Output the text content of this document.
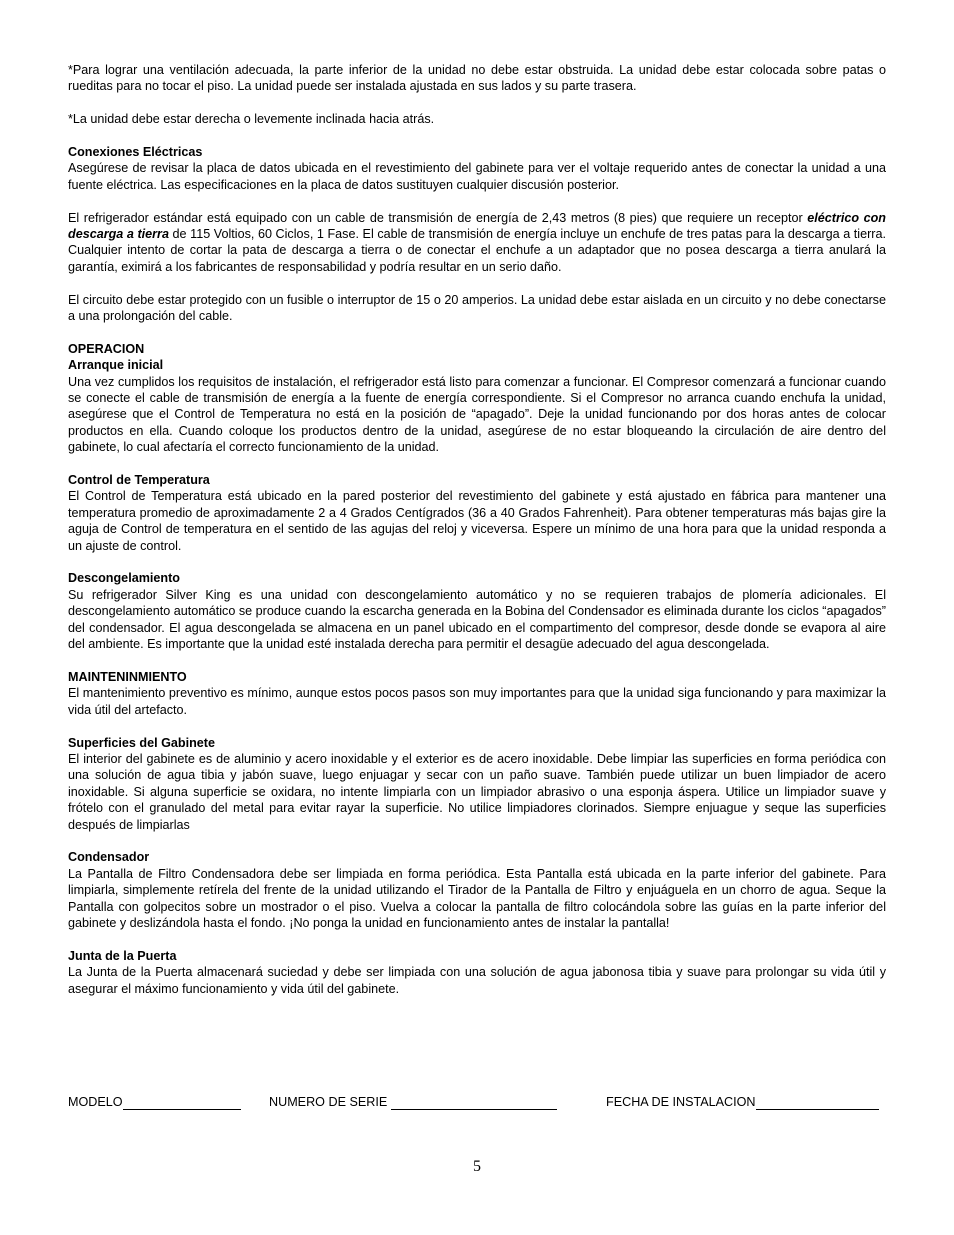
*Para lograr una ventilación adecuada, la parte inferior de la unidad no debe estar obstruida. La unidad debe estar colocada sobre patas o rueditas para no tocar el piso. La unidad puede ser instalada ajustada en sus lados y su parte trasera.

*La unidad debe estar derecha o levemente inclinada hacia atrás.

Conexiones Eléctricas

Asegúrese de revisar la placa de datos ubicada en el revestimiento del gabinete para ver el voltaje requerido antes de conectar la unidad a una fuente eléctrica. Las especificaciones en la placa de datos sustituyen cualquier discusión posterior.

El refrigerador estándar está equipado con un cable de transmisión de energía de 2,43 metros (8 pies) que requiere un receptor eléctrico con descarga a tierra de 115 Voltios, 60 Ciclos, 1 Fase. El cable de transmisión de energía incluye un enchufe de tres patas para la descarga a tierra. Cualquier intento de cortar la pata de descarga a tierra o de conectar el enchufe a un adaptador que no posea descarga a tierra anulará la garantía, eximirá a los fabricantes de responsabilidad y podría resultar en un serio daño.

El circuito debe estar protegido con un fusible o interruptor de 15 o 20 amperios. La unidad debe estar aislada en un circuito y no debe conectarse a una prolongación del cable.

OPERACION

Arranque inicial

Una vez cumplidos los requisitos de instalación, el refrigerador está listo para comenzar a funcionar. El Compresor comenzará a funcionar cuando se conecte el cable de transmisión de energía a la fuente de energía correspondiente. Si el Compresor no arranca cuando enchufa la unidad, asegúrese que el Control de Temperatura no está en la posición de “apagado”. Deje la unidad funcionando por dos horas antes de colocar productos en ella. Cuando coloque los productos dentro de la unidad, asegúrese de no estar bloqueando la circulación de aire dentro del gabinete, lo cual afectaría el correcto funcionamiento de la unidad.

Control de Temperatura

El Control de Temperatura está ubicado en la pared posterior del revestimiento del gabinete y está ajustado en fábrica para mantener una temperatura promedio de aproximadamente 2 a 4 Grados Centígrados (36 a 40 Grados Fahrenheit). Para obtener temperaturas más bajas gire la aguja de Control de temperatura en el sentido de las agujas del reloj y viceversa. Espere un mínimo de una hora para que la unidad responda a un ajuste de control.

Descongelamiento

Su refrigerador Silver King es una unidad con descongelamiento automático y no se requieren trabajos de plomería adicionales. El descongelamiento automático se produce cuando la escarcha generada en la Bobina del Condensador es eliminada durante los ciclos “apagados” del condensador. El agua descongelada se almacena en un panel ubicado en el compartimento del compresor, desde donde se evapora al aire del ambiente. Es importante que la unidad esté instalada derecha para permitir el desagüe adecuado del agua descongelada.

MAINTENINMIENTO

El mantenimiento preventivo es mínimo, aunque estos pocos pasos son muy importantes para que la unidad siga funcionando y para maximizar la vida útil del artefacto.

Superficies del Gabinete

El interior del gabinete es de aluminio y acero inoxidable y el exterior es de acero inoxidable. Debe limpiar las superficies en forma periódica con una solución de agua tibia y jabón suave, luego enjuagar y secar con un paño suave. También puede utilizar un buen limpiador de acero inoxidable. Si alguna superficie se oxidara, no intente limpiarla con un limpiador abrasivo o una esponja áspera. Utilice un limpiador suave y frótelo con el granulado del metal para evitar rayar la superficie. No utilice limpiadores clorinados. Siempre enjuague y seque las superficies después de limpiarlas

Condensador

La Pantalla de Filtro Condensadora debe ser limpiada en forma periódica. Esta Pantalla está ubicada en la parte inferior del gabinete. Para limpiarla, simplemente retírela del frente de la unidad utilizando el Tirador de la Pantalla de Filtro y enjuáguela en un chorro de agua. Seque la Pantalla con golpecitos sobre un mostrador o el piso. Vuelva a colocar la pantalla de filtro colocándola sobre las guías en la parte inferior del gabinete y deslizándola hasta el fondo. ¡No ponga la unidad en funcionamiento antes de instalar la pantalla!

Junta de la Puerta

La Junta de la Puerta almacenará suciedad y debe ser limpiada con una solución de agua jabonosa tibia y suave para prolongar su vida útil y asegurar el máximo funcionamiento y vida útil del gabinete.

MODELO	NUMERO DE SERIE	FECHA DE INSTALACION
5
